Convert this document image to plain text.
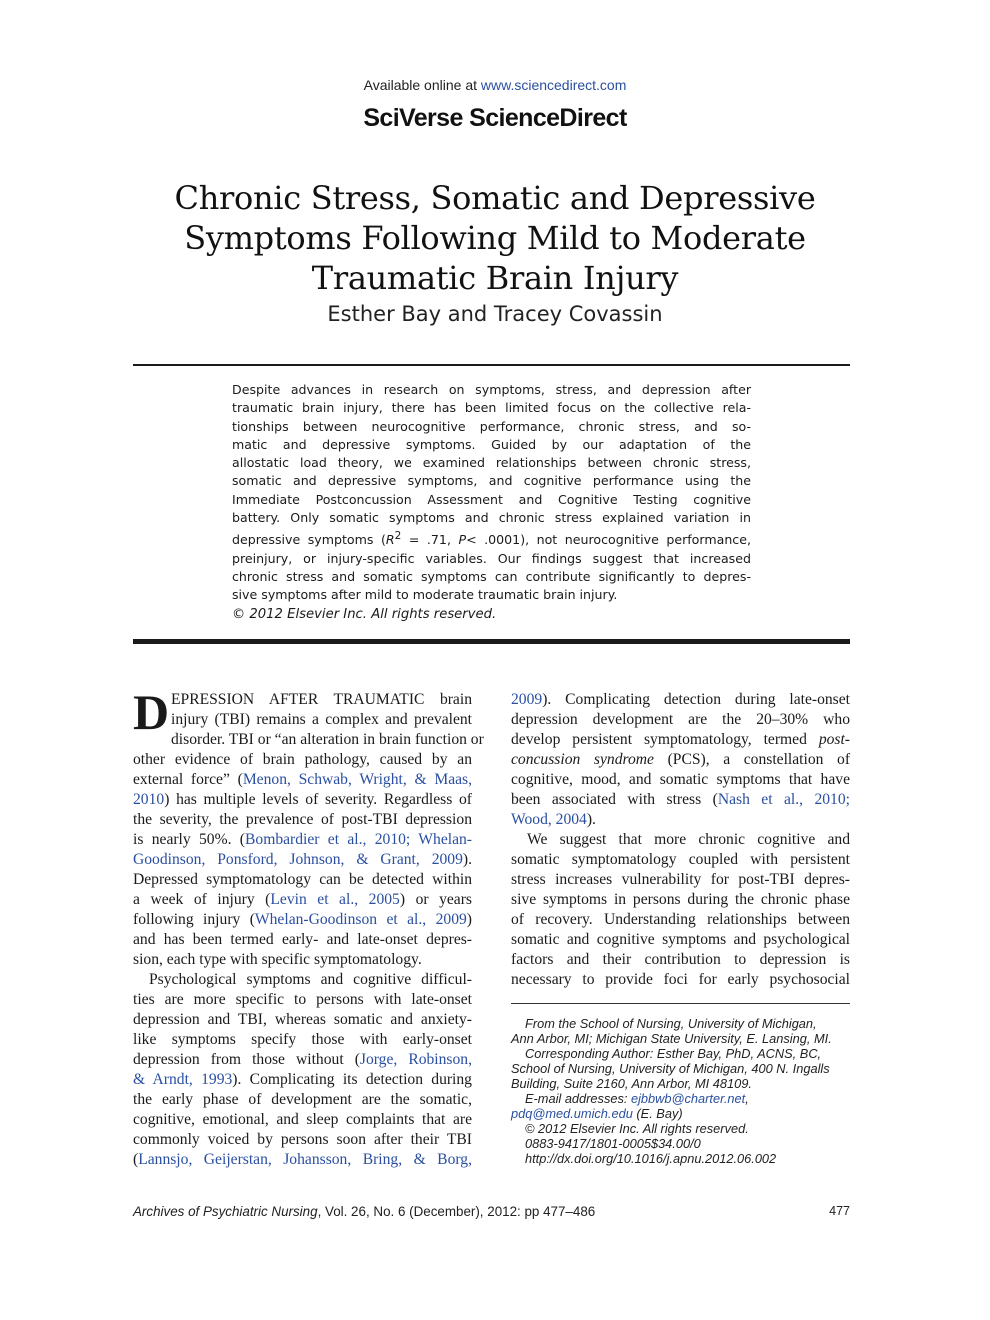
Available online at www.sciencedirect.com
SciVerse ScienceDirect
Chronic Stress, Somatic and Depressive
Symptoms Following Mild to Moderate
Traumatic Brain Injury
Esther Bay and Tracey Covassin
Despite advances in research on symptoms, stress, and depression after
traumatic brain injury, there has been limited focus on the collective rela-
tionships between neurocognitive performance, chronic stress, and so-
matic and depressive symptoms. Guided by our adaptation of the
allostatic load theory, we examined relationships between chronic stress,
somatic and depressive symptoms, and cognitive performance using the
Immediate Postconcussion Assessment and Cognitive Testing cognitive
battery. Only somatic symptoms and chronic stress explained variation in
depressive symptoms ($R^2 = .71$, P< .0001), not neurocognitive performance,
preinjury, or injury-specific variables. Our findings suggest that increased
chronic stress and somatic symptoms can contribute significantly to depres-
sive symptoms after mild to moderate traumatic brain injury.
© 2012 Elsevier Inc. All rights reserved.
D EPRESSION AFTER TRAUMATIC brain
injury (TBI) remains a complex and prevalent
disorder. TBI or “an alteration in brain function or
other evidence of brain pathology, caused by an
external force” (Menon, Schwab, Wright, & Maas,
2010) has multiple levels of severity. Regardless of
the severity, the prevalence of post-TBI depression
is nearly 50%. (Bombardier et al., 2010; Whelan-
Goodinson, Ponsford, Johnson, & Grant, 2009).
Depressed symptomatology can be detected within
a week of injury (Levin et al., 2005) or years
following injury (Whelan-Goodinson et al., 2009)
and has been termed early- and late-onset depres-
sion, each type with specific symptomatology.
Psychological symptoms and cognitive difficul-
ties are more specific to persons with late-onset
depression and TBI, whereas somatic and anxiety-
like symptoms specify those with early-onset
depression from those without (Jorge, Robinson,
& Arndt, 1993). Complicating its detection during
the early phase of development are the somatic,
cognitive, emotional, and sleep complaints that are
commonly voiced by persons soon after their TBI
(Lannsjo, Geijerstan, Johansson, Bring, & Borg,
2009). Complicating detection during late-onset
depression development are the 20–30% who
develop persistent symptomatology, termed post-
concussion syndrome (PCS), a constellation of
cognitive, mood, and somatic symptoms that have
been associated with stress (Nash et al., 2010;
Wood, 2004).
We suggest that more chronic cognitive and
somatic symptomatology coupled with persistent
stress increases vulnerability for post-TBI depres-
sive symptoms in persons during the chronic phase
of recovery. Understanding relationships between
somatic and cognitive symptoms and psychological
factors and their contribution to depression is
necessary to provide foci for early psychosocial
From the School of Nursing, University of Michigan,
Ann Arbor, MI; Michigan State University, E. Lansing, MI.
Corresponding Author: Esther Bay, PhD, ACNS, BC,
School of Nursing, University of Michigan, 400 N. Ingalls
Building, Suite 2160, Ann Arbor, MI 48109.
E-mail addresses: ejbbwb@charter.net,
pdq@med.umich.edu (E. Bay)
© 2012 Elsevier Inc. All rights reserved.
0883-9417/1801-0005$34.00/0
http://dx.doi.org/10.1016/j.apnu.2012.06.002
Archives of Psychiatric Nursing, Vol. 26, No. 6 (December), 2012: pp 477–486	477
